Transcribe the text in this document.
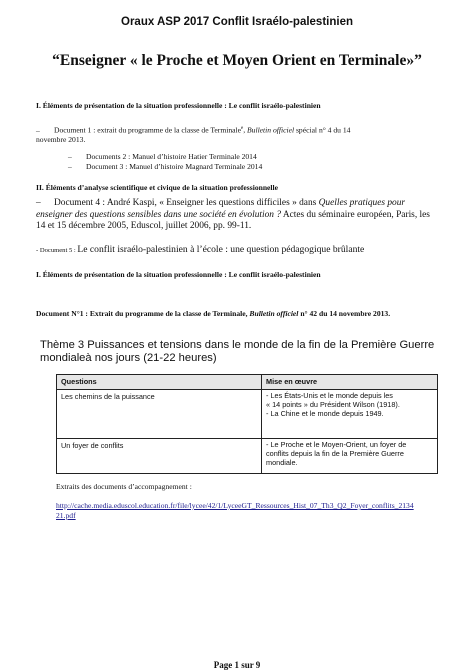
Oraux ASP 2017 Conflit Israélo-palestinien
“Enseigner « le Proche et Moyen Orient en Terminale»”
I. Éléments de présentation de la situation professionnelle : Le conflit israélo-palestinien
– Document 1 : extrait du programme de la classe de Terminale$^e$, Bulletin officiel spécial n° 4 du 14
novembre 2013.
– Documents 2 : Manuel d’histoire Hatier Terminale 2014
– Document 3 : Manuel d’histoire Magnard Terminale 2014
II. Éléments d’analyse scientifique et civique de la situation professionnelle
– Document 4 : André Kaspi, « Enseigner les questions difficiles » dans Quelles pratiques pour enseigner des questions sensibles dans une société en évolution ? Actes du séminaire européen, Paris, les 14 et 15 décembre 2005, Eduscol, juillet 2006, pp. 99-11.
- Document 5 : Le conflit israélo-palestinien à l’école : une question pédagogique brûlante
I. Éléments de présentation de la situation professionnelle : Le conflit israélo-palestinien
Document N°1 : Extrait du programme de la classe de Terminale, Bulletin officiel n° 42 du 14 novembre 2013.
Thème 3 Puissances et tensions dans le monde de la fin de la Première Guerre mondialeà nos jours (21-22 heures)
Questions	Mise en œuvre
Les chemins de la puissance	- Les États-Unis et le monde depuis les
« 14 points » du Président Wilson (1918).
- La Chine et le monde depuis 1949.

Un foyer de conflits	- Le Proche et le Moyen-Orient, un foyer de
conflits depuis la fin de la Première Guerre
mondiale.
Extraits des documents d’accompagnement :
http://cache.media.eduscol.education.fr/file/lycee/42/1/LyceeGT_Ressources_Hist_07_Th3_Q2_Foyer_conflits_213421.pdf
Page 1 sur 9
